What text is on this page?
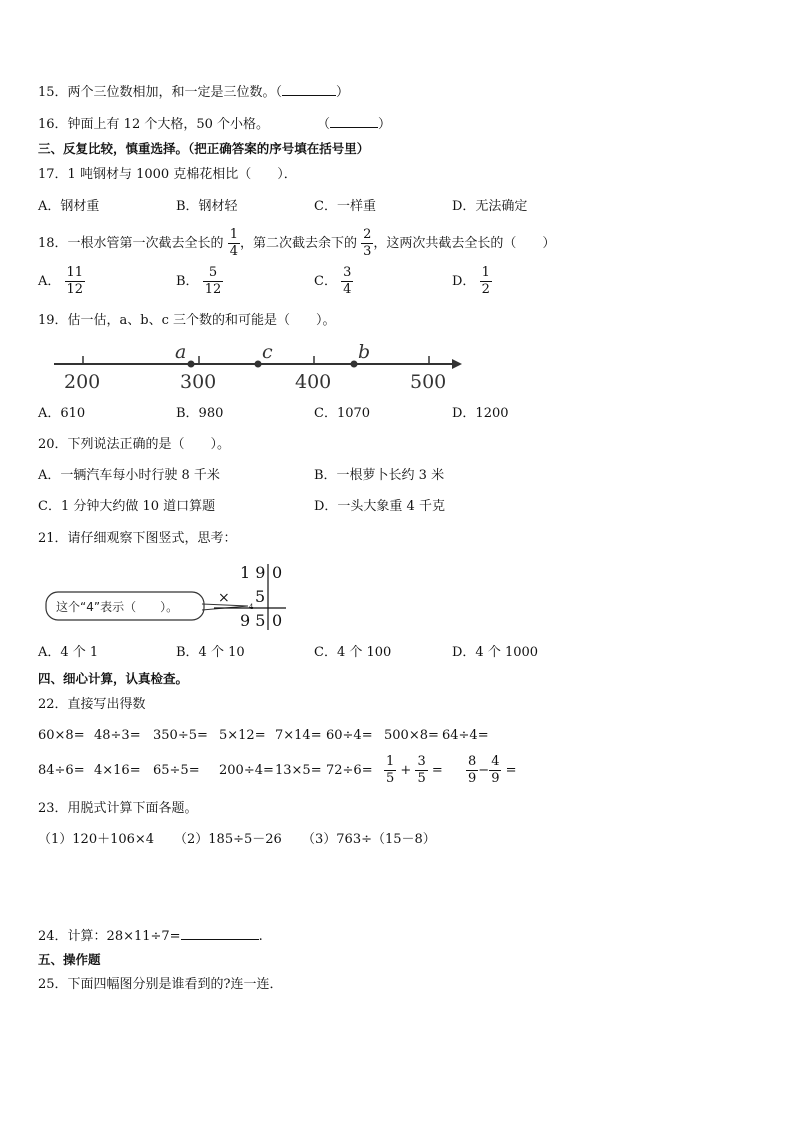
15．两个三位数相加，和一定是三位数。（	）
16．钟面上有 12 个大格，50 个小格。	（	）
三、反复比较，慎重选择。（把正确答案的序号填在括号里）
17．1 吨钢材与 1000 克棉花相比（　　）．
A．钢材重	B．钢材轻	C．一样重	D．无法确定
18．一根水管第一次截去全长的 $\frac{1}{4}$ ，第二次截去余下的 $\frac{2}{3}$ ，这两次共截去全长的（　　）
A． $\frac{11}{12}$	B． $\frac{5}{12}$	C． $\frac{3}{4}$	D． $\frac{1}{2}$
19．估一估，a、b、c 三个数的和可能是（　　）。
200	300	400	500
a	c	b
A．610	B．980	C．1070	D．1200
20．下列说法正确的是（　　）。
A．一辆汽车每小时行驶 8 千米	B．一根萝卜长约 3 米
C．1 分钟大约做 10 道口算题	D．一头大象重 4 千克
21．请仔细观察下图竖式，思考：
这个“4”表示（　　）。
1 9 0
× 5
4
9 5 0
A．4 个 1	B．4 个 10	C．4 个 100	D．4 个 1000
四、细心计算，认真检查。
22．直接写出得数
60×8= 48÷3= 350÷5= 5×12= 7×14= 60÷4= 500×8= 64÷4=
$84\div 6= 4\times 16= 65\div 5= 200\div 4= 13\times 5= 72\div 6= \frac{1}{5} + \frac{3}{5} = \frac{8}{9} - \frac{4}{9}$ =
23．用脱式计算下面各题。
（1）120＋106×4 （2）185÷5－26 （3）763÷（15－8）
24．计算：28×11÷7=	.
五、操作题
25．下面四幅图分别是谁看到的?连一连．
